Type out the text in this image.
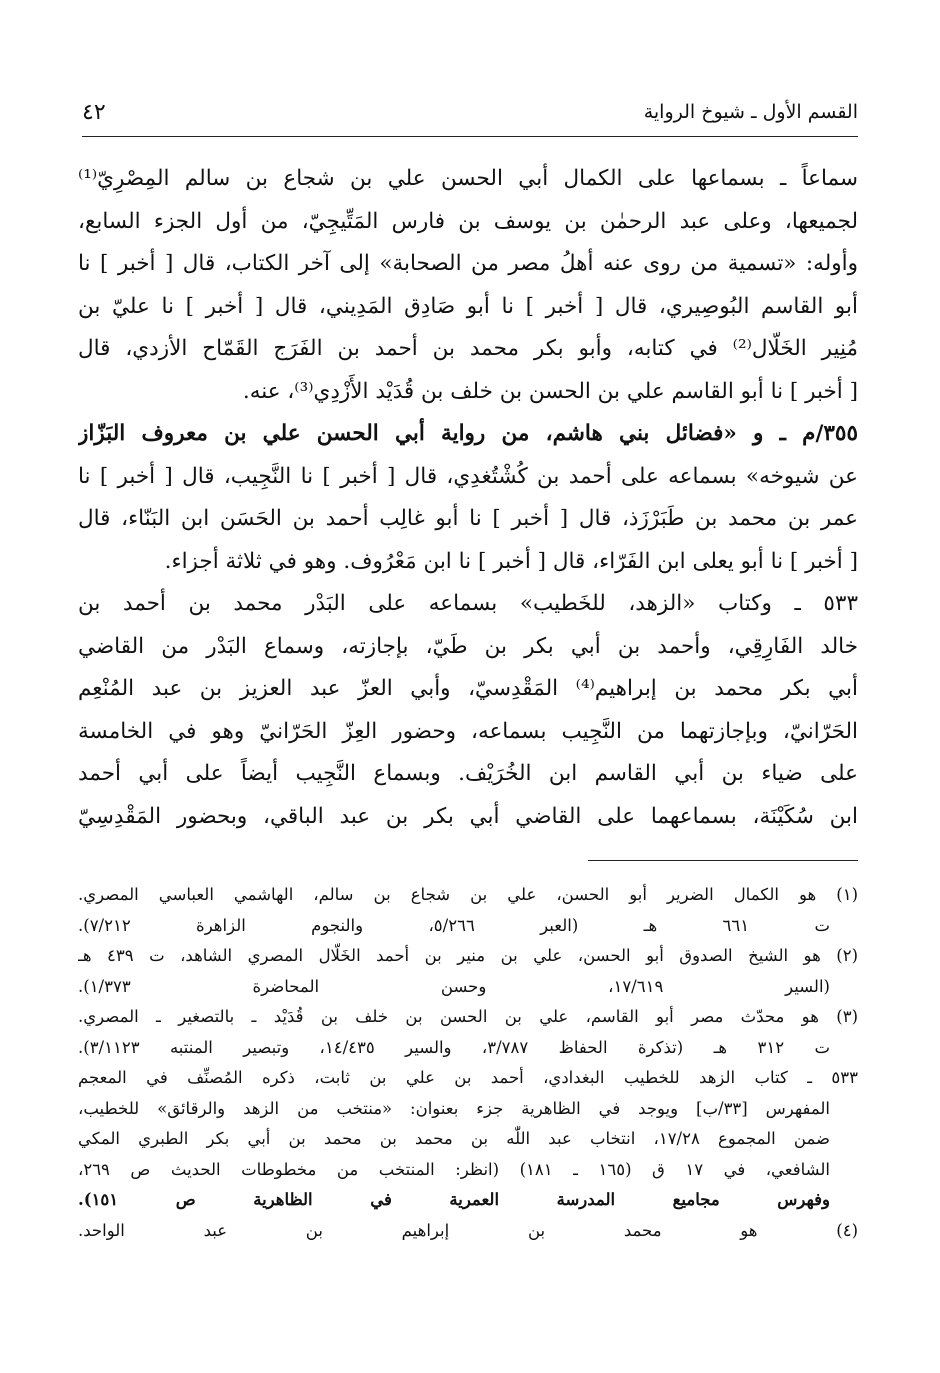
القسم الأول ـ شيوخ الرواية
٤٢
سماعاً ـ بسماعها على الكمال أبي الحسن علي بن شجاع بن سالم المِصْرِيّ⁽¹⁾
لجميعها، وعلى عبد الرحمٰن بن يوسف بن فارس المَتِّيجِيّ، من أول الجزء السابع،
وأوله: «تسمية من روى عنه أهلُ مصر من الصحابة» إلى آخر الكتاب، قال [ أخبر ] نا
أبو القاسم البُوصِيري، قال [ أخبر ] نا أبو صَادِق المَدِيني، قال [ أخبر ] نا عليّ بن
مُنِير الخَلّال⁽²⁾ في كتابه، وأبو بكر محمد بن أحمد بن الفَرَج القَمّاح الأزدي، قال
[ أخبر ] نا أبو القاسم علي بن الحسن بن خلف بن قُدَيْد الأَزْدِي⁽³⁾، عنه.
٣٥٥/م ـ و «فضائل بني هاشم، من رواية أبي الحسن علي بن معروف البَزّاز
عن شيوخه» بسماعه على أحمد بن كُشْتُغدِي، قال [ أخبر ] نا النَّجِيب، قال [ أخبر ] نا
عمر بن محمد بن طَبَرْزَذ، قال [ أخبر ] نا أبو غالِب أحمد بن الحَسَن ابن البَنّاء، قال
[ أخبر ] نا أبو يعلى ابن الفَرّاء، قال [ أخبر ] نا ابن مَعْرُوف. وهو في ثلاثة أجزاء.
٥٣٣ ـ وكتاب «الزهد، للخَطيب» بسماعه على البَدْر محمد بن أحمد بن
خالد الفَارِقِي، وأحمد بن أبي بكر بن طَيّ، بإجازته، وسماع البَدْر من القاضي
أبي بكر محمد بن إبراهيم⁽⁴⁾ المَقْدِسيّ، وأبي العزّ عبد العزيز بن عبد المُنْعِم
الحَرّانيّ، وبإجازتهما من النَّجِيب بسماعه، وحضور العِزّ الحَرّانيّ وهو في الخامسة
على ضياء بن أبي القاسم ابن الخُرَيْف. وبسماع النَّجِيب أيضاً على أبي أحمد
ابن سُكَيْنَة، بسماعهما على القاضي أبي بكر بن عبد الباقي، وبحضور المَقْدِسِيّ
(١) هو الكمال الضرير أبو الحسن، علي بن شجاع بن سالم، الهاشمي العباسي المصري.
ت ٦٦١ هـ (العبر ٥/٢٦٦، والنجوم الزاهرة ٧/٢١٢).
(٢) هو الشيخ الصدوق أبو الحسن، علي بن منير بن أحمد الخَلّال المصري الشاهد، ت ٤٣٩ هـ
(السير ١٧/٦١٩، وحسن المحاضرة ١/٣٧٣).
(٣) هو محدّث مصر أبو القاسم، علي بن الحسن بن خلف بن قُدَيْد ـ بالتصغير ـ المصري.
ت ٣١٢ هـ (تذكرة الحفاظ ٣/٧٨٧، والسير ١٤/٤٣٥، وتبصير المنتبه ٣/١١٢٣).
٥٣٣ ـ كتاب الزهد للخطيب البغدادي، أحمد بن علي بن ثابت، ذكره المُصنِّف في المعجم
المفهرس [٣٣/ب] ويوجد في الظاهرية جزء بعنوان: «منتخب من الزهد والرقائق» للخطيب،
ضمن المجموع ١٧/٢٨، انتخاب عبد اللّٰه بن محمد بن محمد بن أبي بكر الطبري المكي
الشافعي، في ١٧ ق (١٦٥ ـ ١٨١) (انظر: المنتخب من مخطوطات الحديث ص ٢٦٩،
وفهرس مجاميع المدرسة العمرية في الظاهرية ص ١٥١).
(٤) هو محمد بن إبراهيم بن عبد الواحد.
